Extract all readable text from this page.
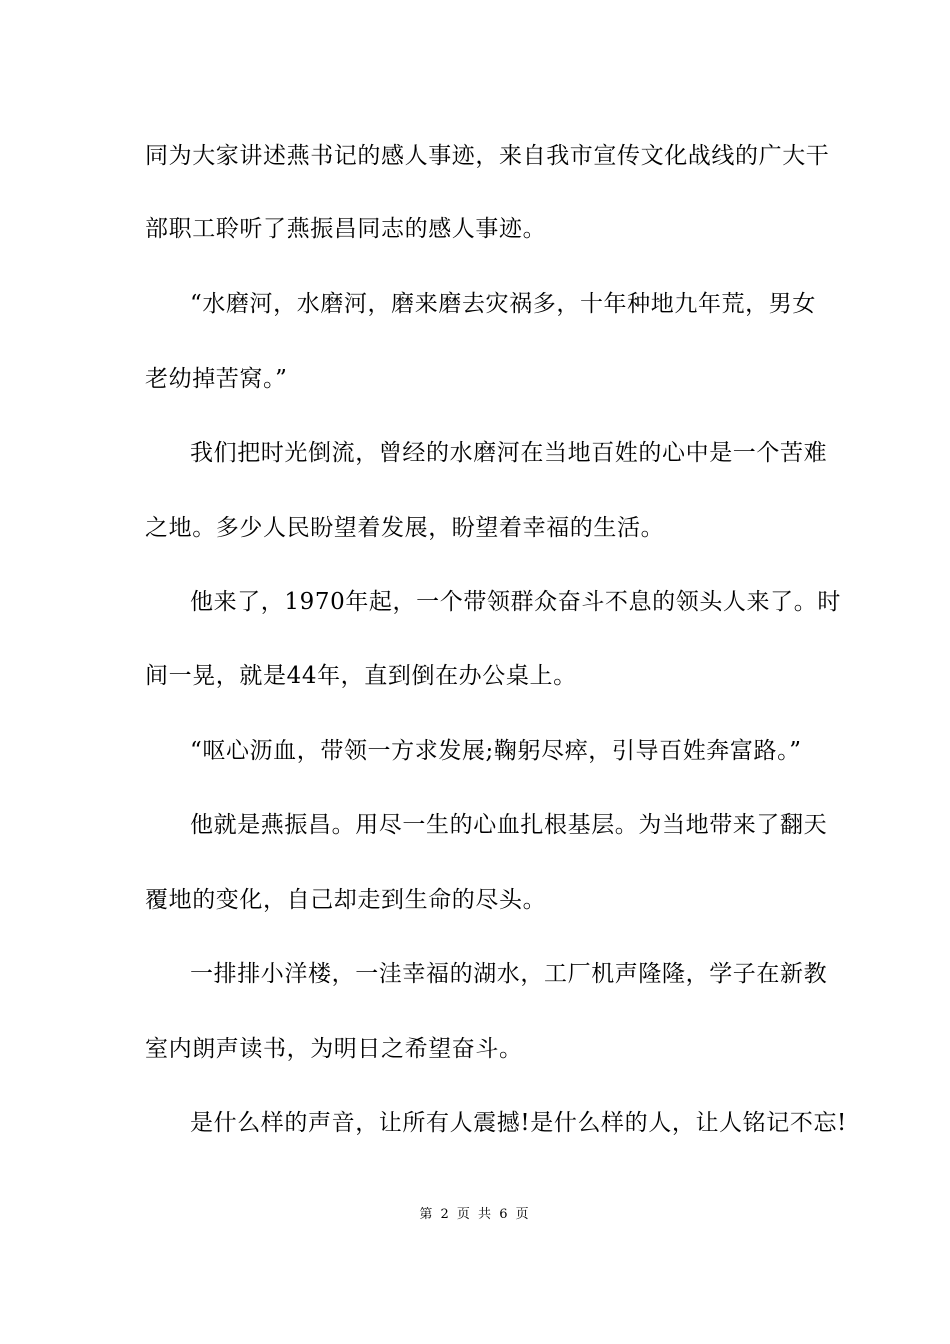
同为大家讲述燕书记的感人事迹，来自我市宣传文化战线的广大干
部职工聆听了燕振昌同志的感人事迹。
“水磨河，水磨河，磨来磨去灾祸多，十年种地九年荒，男女
老幼掉苦窝。”
我们把时光倒流，曾经的水磨河在当地百姓的心中是一个苦难
之地。多少人民盼望着发展，盼望着幸福的生活。
他来了，1970年起，一个带领群众奋斗不息的领头人来了。时
间一晃，就是44年，直到倒在办公桌上。
“呕心沥血，带领一方求发展;鞠躬尽瘁，引导百姓奔富路。”
他就是燕振昌。用尽一生的心血扎根基层。为当地带来了翻天
覆地的变化，自己却走到生命的尽头。
一排排小洋楼，一洼幸福的湖水，工厂机声隆隆，学子在新教
室内朗声读书，为明日之希望奋斗。
是什么样的声音，让所有人震撼!是什么样的人，让人铭记不忘!
第 2 页 共 6 页
